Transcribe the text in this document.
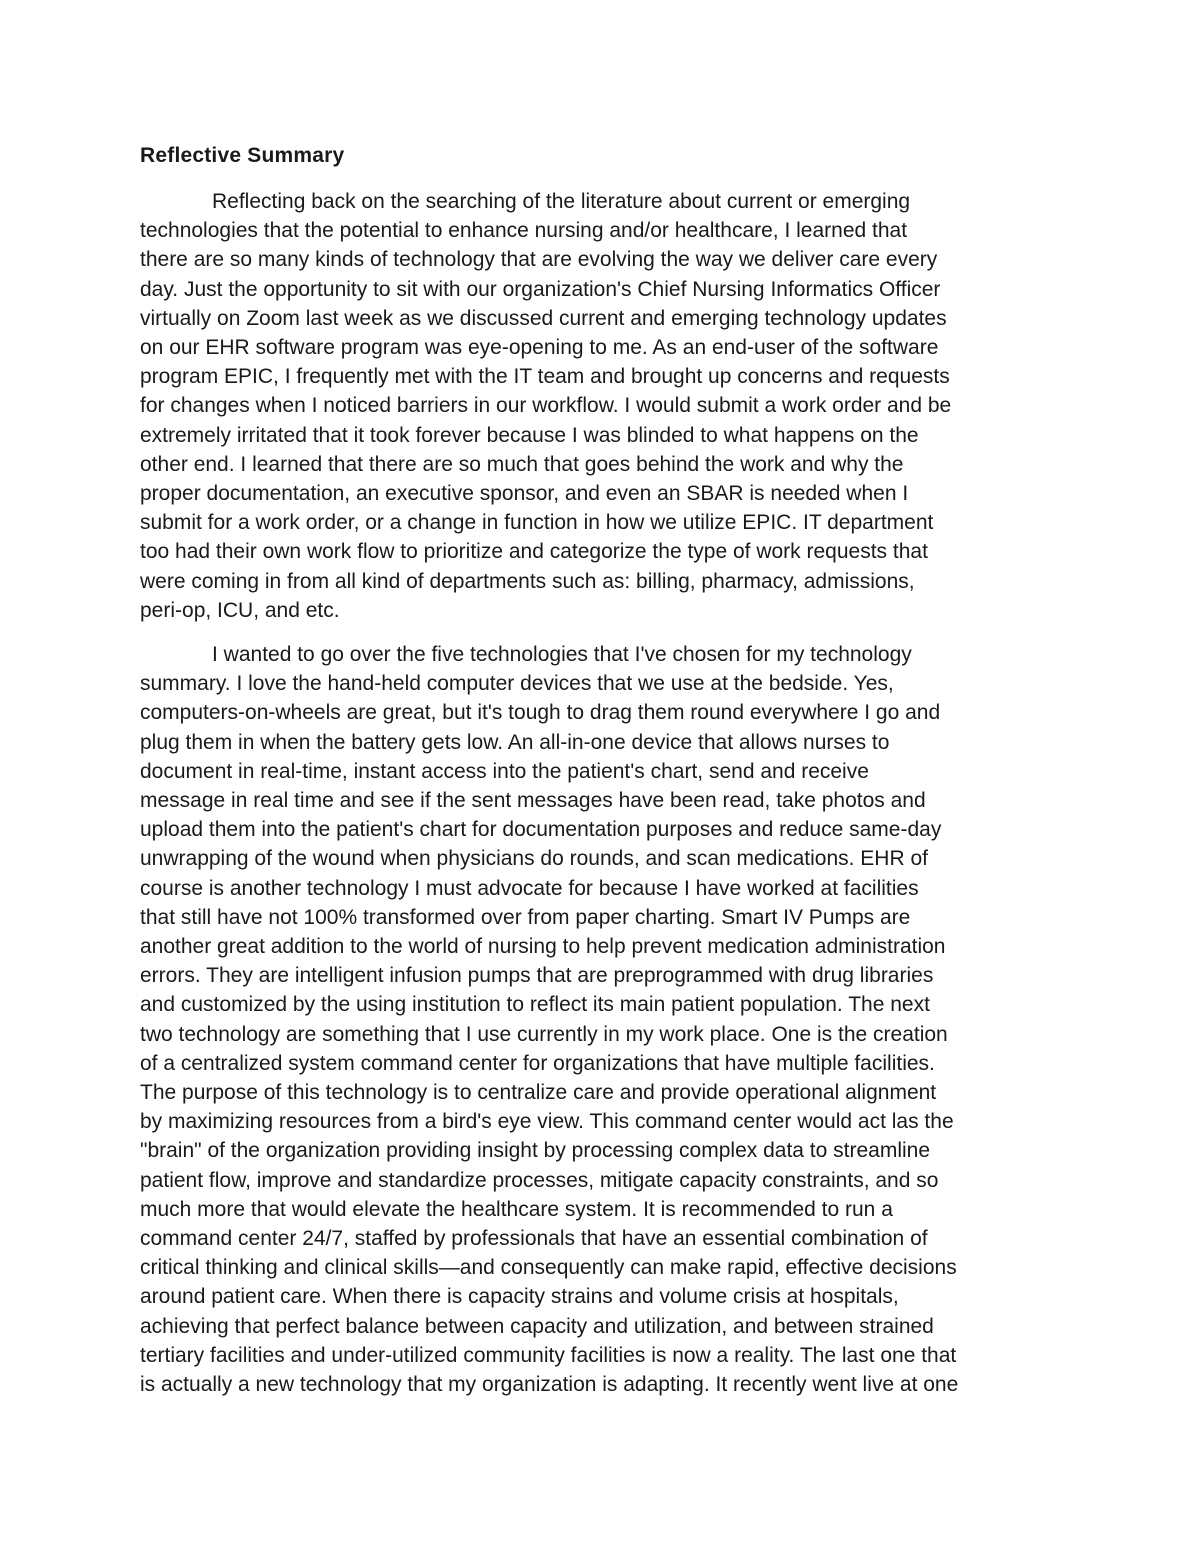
Reflective Summary
Reflecting back on the searching of the literature about current or emerging
technologies that the potential to enhance nursing and/or healthcare, I learned that
there are so many kinds of technology that are evolving the way we deliver care every
day. Just the opportunity to sit with our organization's Chief Nursing Informatics Officer
virtually on Zoom last week as we discussed current and emerging technology updates
on our EHR software program was eye-opening to me. As an end-user of the software
program EPIC, I frequently met with the IT team and brought up concerns and requests
for changes when I noticed barriers in our workflow. I would submit a work order and be
extremely irritated that it took forever because I was blinded to what happens on the
other end. I learned that there are so much that goes behind the work and why the
proper documentation, an executive sponsor, and even an SBAR is needed when I
submit for a work order, or a change in function in how we utilize EPIC. IT department
too had their own work flow to prioritize and categorize the type of work requests that
were coming in from all kind of departments such as: billing, pharmacy, admissions,
peri-op, ICU, and etc.
I wanted to go over the five technologies that I've chosen for my technology
summary. I love the hand-held computer devices that we use at the bedside. Yes,
computers-on-wheels are great, but it's tough to drag them round everywhere I go and
plug them in when the battery gets low. An all-in-one device that allows nurses to
document in real-time, instant access into the patient's chart, send and receive
message in real time and see if the sent messages have been read, take photos and
upload them into the patient's chart for documentation purposes and reduce same-day
unwrapping of the wound when physicians do rounds, and scan medications. EHR of
course is another technology I must advocate for because I have worked at facilities
that still have not 100% transformed over from paper charting. Smart IV Pumps are
another great addition to the world of nursing to help prevent medication administration
errors. They are intelligent infusion pumps that are preprogrammed with drug libraries
and customized by the using institution to reflect its main patient population. The next
two technology are something that I use currently in my work place. One is the creation
of a centralized system command center for organizations that have multiple facilities.
The purpose of this technology is to centralize care and provide operational alignment
by maximizing resources from a bird's eye view. This command center would act las the
"brain" of the organization providing insight by processing complex data to streamline
patient flow, improve and standardize processes, mitigate capacity constraints, and so
much more that would elevate the healthcare system. It is recommended to run a
command center 24/7, staffed by professionals that have an essential combination of
critical thinking and clinical skills—and consequently can make rapid, effective decisions
around patient care. When there is capacity strains and volume crisis at hospitals,
achieving that perfect balance between capacity and utilization, and between strained
tertiary facilities and under-utilized community facilities is now a reality. The last one that
is actually a new technology that my organization is adapting. It recently went live at one
